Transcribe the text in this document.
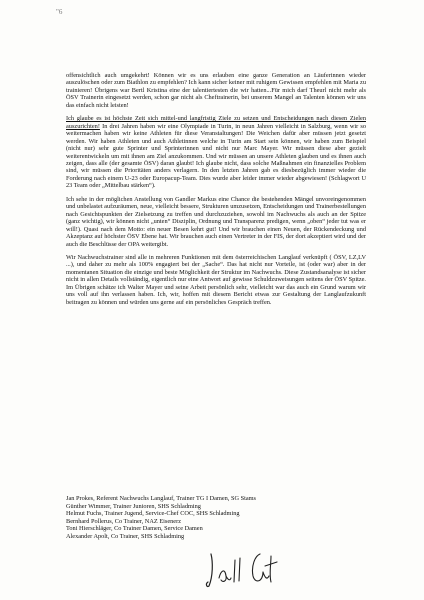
"6

offensichtlich auch umgekehrt! Können wir es uns erlauben eine ganze Generation an Läuferinnen wieder auszulöschen oder zum Biathlon zu empfehlen? Ich kann sicher keiner mit ruhigem Gewissen empfehlen mit Maria zu trainieren! Übrigens war Bertl Kristina eine der talentiertesten die wir hatten...Für mich darf Theurl nicht mehr als ÖSV Trainerin eingesetzt werden, schon gar nicht als Cheftrainerin, bei unserem Mangel an Talenten können wir uns das einfach nicht leisten!

Ich glaube es ist höchste Zeit sich mittel-und langfristig Ziele zu setzen und Entscheidungen nach diesen Zielen auszurichten! In drei Jahren haben wir eine Olympiade in Turin, in neun Jahren vielleicht in Salzburg, wenn wir so weitermachen haben wir keine Athleten für diese Veranstaltungen! Die Weichen dafür aber müssen jetzt gesetzt werden. Wir haben Athleten und auch Athletinnen welche in Turin am Start sein können, wir haben zum Beispiel (nicht nur) sehr gute Sprinter und Sprinterinnen und nicht nur Marc Mayer. Wir müssen diese aber gezielt weiterentwickeln um mit ihnen am Ziel anzukommen. Und wir müssen an unsere Athleten glauben und es ihnen auch zeigen, dass alle (der gesamte ÖSV) daran glaubt! Ich glaube nicht, dass solche Maßnahmen ein finanzielles Problem sind, wir müssen die Prioritäten anders verlagern. In den letzten Jahren gab es diesbezüglich immer wieder die Forderung nach einem U-23 oder Europacup-Team. Dies wurde aber leider immer wieder abgewiesen! (Schlagwort U 23 Team oder „Mittelbau stärken“).

Ich sehe in der möglichen Anstellung von Gandler Markus eine Chance die bestehenden Mängel unvoreingenommen und unbelastet aufzuräumen, neue, vielleicht bessere, Strukturen umzusetzen, Entscheidungen und Trainerbestellungen nach Gesichtspunkten der Zielsetzung zu treffen und durchzuziehen, sowohl im Nachwuchs als auch an der Spitze (ganz wichtig), wir können nicht „unten“ Disziplin, Ordnung und Transparenz predigen, wenn „oben“ jeder tut was er will!). Quasi nach dem Motto: ein neuer Besen kehrt gut! Und wir brauchen einen Neuen, der Rückendeckung und Akzeptanz auf höchster ÖSV Ebene hat. Wir brauchen auch einen Vertreter in der FIS, der dort akzeptiert wird und der auch die Beschlüsse der OPA weitergibt.

Wir Nachwuchstrainer sind alle in mehreren Funktionen mit dem österreichischen Langlauf verknüpft ( ÖSV, LZ,LV ...), und daher zu mehr als 100% engagiert bei der „Sache“. Das hat nicht nur Vorteile, ist (oder war) aber in der momentanen Situation die einzige und beste Möglichkeit der Struktur im Nachwuchs. Diese Zustandsanalyse ist sicher nicht in allen Details vollständig, eigentlich nur eine Antwort auf gewisse Schuldzuweisungen seitens der ÖSV Spitze. Im Übrigen schätze ich Walter Mayer und seine Arbeit persönlich sehr, vielleicht war das auch ein Grund warum wir uns voll auf ihn verlassen haben. Ich, wir, hoffen mit diesem Bericht etwas zur Gestaltung der Langlaufzukunft beitragen zu können und würden uns gerne auf ein persönliches Gespräch treffen.

Jan Prokes, Referent Nachwuchs Langlauf, Trainer TG I Damen, SG Stams
Günther Wimmer, Trainer Junioren, SHS Schladming
Helmut Fuchs, Trainer Jugend, Service-Chef COC, SHS Schladming
Bernhard Pollerus, Co Trainer, NAZ Eisenerz
Toni Hierschläger, Co Trainer Damen, Service Damen
Alexander Apolt, Co Trainer, SHS Schladming
